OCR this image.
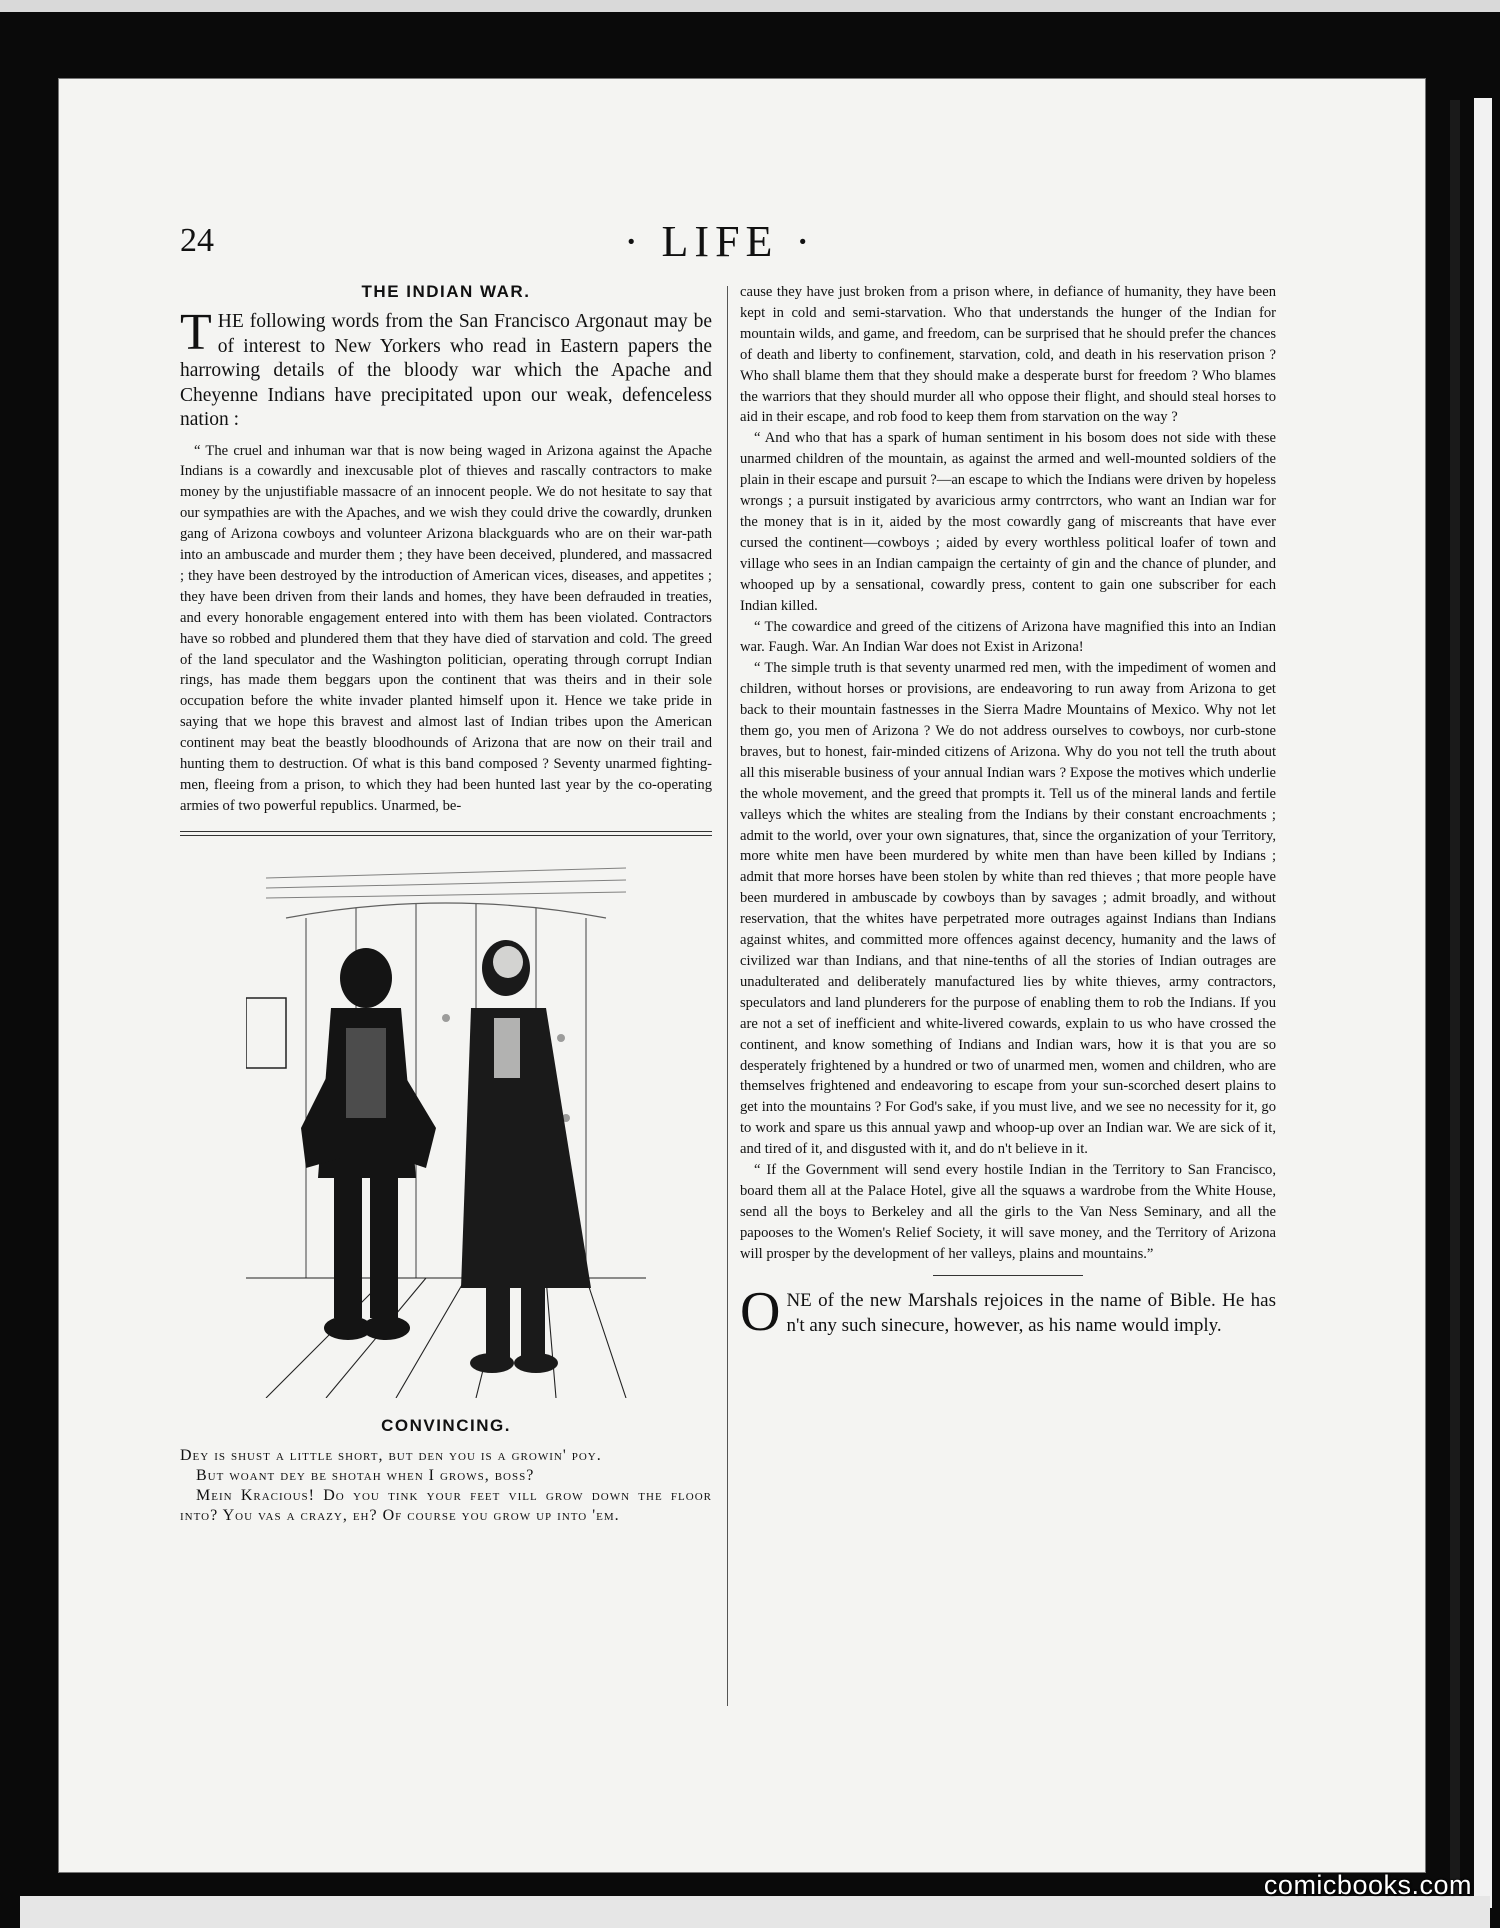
24	· LIFE ·
THE INDIAN WAR.

THE following words from the San Francisco Argonaut may be of interest to New Yorkers who read in Eastern papers the harrowing details of the bloody war which the Apache and Cheyenne Indians have precipitated upon our weak, defenceless nation :

“ The cruel and inhuman war that is now being waged in Arizona against the Apache Indians is a cowardly and inexcusable plot of thieves and rascally contractors to make money by the unjustifiable massacre of an innocent people. We do not hesitate to say that our sympathies are with the Apaches, and we wish they could drive the cowardly, drunken gang of Arizona cowboys and volunteer Arizona blackguards who are on their war-path into an ambuscade and murder them ; they have been deceived, plundered, and massacred ; they have been destroyed by the introduction of American vices, diseases, and appetites ; they have been driven from their lands and homes, they have been defrauded in treaties, and every honorable engagement entered into with them has been violated. Contractors have so robbed and plundered them that they have died of starvation and cold. The greed of the land speculator and the Washington politician, operating through corrupt Indian rings, has made them beggars upon the continent that was theirs and in their sole occupation before the white invader planted himself upon it. Hence we take pride in saying that we hope this bravest and almost last of Indian tribes upon the American continent may beat the beastly bloodhounds of Arizona that are now on their trail and hunting them to destruction. Of what is this band composed ? Seventy unarmed fighting-men, fleeing from a prison, to which they had been hunted last year by the co-operating armies of two powerful republics. Unarmed, be-

CONVINCING.

Dey is shust a little short, but den you is a growin' poy.

But woant dey be shotah when I grows, boss?

Mein Kracious! Do you tink your feet vill grow down the floor into? You vas a crazy, eh? Of course you grow up into 'em.

cause they have just broken from a prison where, in defiance of humanity, they have been kept in cold and semi-starvation. Who that understands the hunger of the Indian for mountain wilds, and game, and freedom, can be surprised that he should prefer the chances of death and liberty to confinement, starvation, cold, and death in his reservation prison ? Who shall blame them that they should make a desperate burst for freedom ? Who blames the warriors that they should murder all who oppose their flight, and should steal horses to aid in their escape, and rob food to keep them from starvation on the way ?

“ And who that has a spark of human sentiment in his bosom does not side with these unarmed children of the mountain, as against the armed and well-mounted soldiers of the plain in their escape and pursuit ?—an escape to which the Indians were driven by hopeless wrongs ; a pursuit instigated by avaricious army contrrctors, who want an Indian war for the money that is in it, aided by the most cowardly gang of miscreants that have ever cursed the continent—cowboys ; aided by every worthless political loafer of town and village who sees in an Indian campaign the certainty of gin and the chance of plunder, and whooped up by a sensational, cowardly press, content to gain one subscriber for each Indian killed.

“ The cowardice and greed of the citizens of Arizona have magnified this into an Indian war. Faugh. War. An Indian War does not Exist in Arizona!

“ The simple truth is that seventy unarmed red men, with the impediment of women and children, without horses or provisions, are endeavoring to run away from Arizona to get back to their mountain fastnesses in the Sierra Madre Mountains of Mexico. Why not let them go, you men of Arizona ? We do not address ourselves to cowboys, nor curb-stone braves, but to honest, fair-minded citizens of Arizona. Why do you not tell the truth about all this miserable business of your annual Indian wars ? Expose the motives which underlie the whole movement, and the greed that prompts it. Tell us of the mineral lands and fertile valleys which the whites are stealing from the Indians by their constant encroachments ; admit to the world, over your own signatures, that, since the organization of your Territory, more white men have been murdered by white men than have been killed by Indians ; admit that more horses have been stolen by white than red thieves ; that more people have been murdered in ambuscade by cowboys than by savages ; admit broadly, and without reservation, that the whites have perpetrated more outrages against Indians than Indians against whites, and committed more offences against decency, humanity and the laws of civilized war than Indians, and that nine-tenths of all the stories of Indian outrages are unadulterated and deliberately manufactured lies by white thieves, army contractors, speculators and land plunderers for the purpose of enabling them to rob the Indians. If you are not a set of inefficient and white-livered cowards, explain to us who have crossed the continent, and know something of Indians and Indian wars, how it is that you are so desperately frightened by a hundred or two of unarmed men, women and children, who are themselves frightened and endeavoring to escape from your sun-scorched desert plains to get into the mountains ? For God's sake, if you must live, and we see no necessity for it, go to work and spare us this annual yawp and whoop-up over an Indian war. We are sick of it, and tired of it, and disgusted with it, and do n't believe in it.

“ If the Government will send every hostile Indian in the Territory to San Francisco, board them all at the Palace Hotel, give all the squaws a wardrobe from the White House, send all the boys to Berkeley and all the girls to the Van Ness Seminary, and all the papooses to the Women's Relief Society, it will save money, and the Territory of Arizona will prosper by the development of her valleys, plains and mountains.”

ONE of the new Marshals rejoices in the name of Bible. He has n't any such sinecure, however, as his name would imply.

comicbooks.com
